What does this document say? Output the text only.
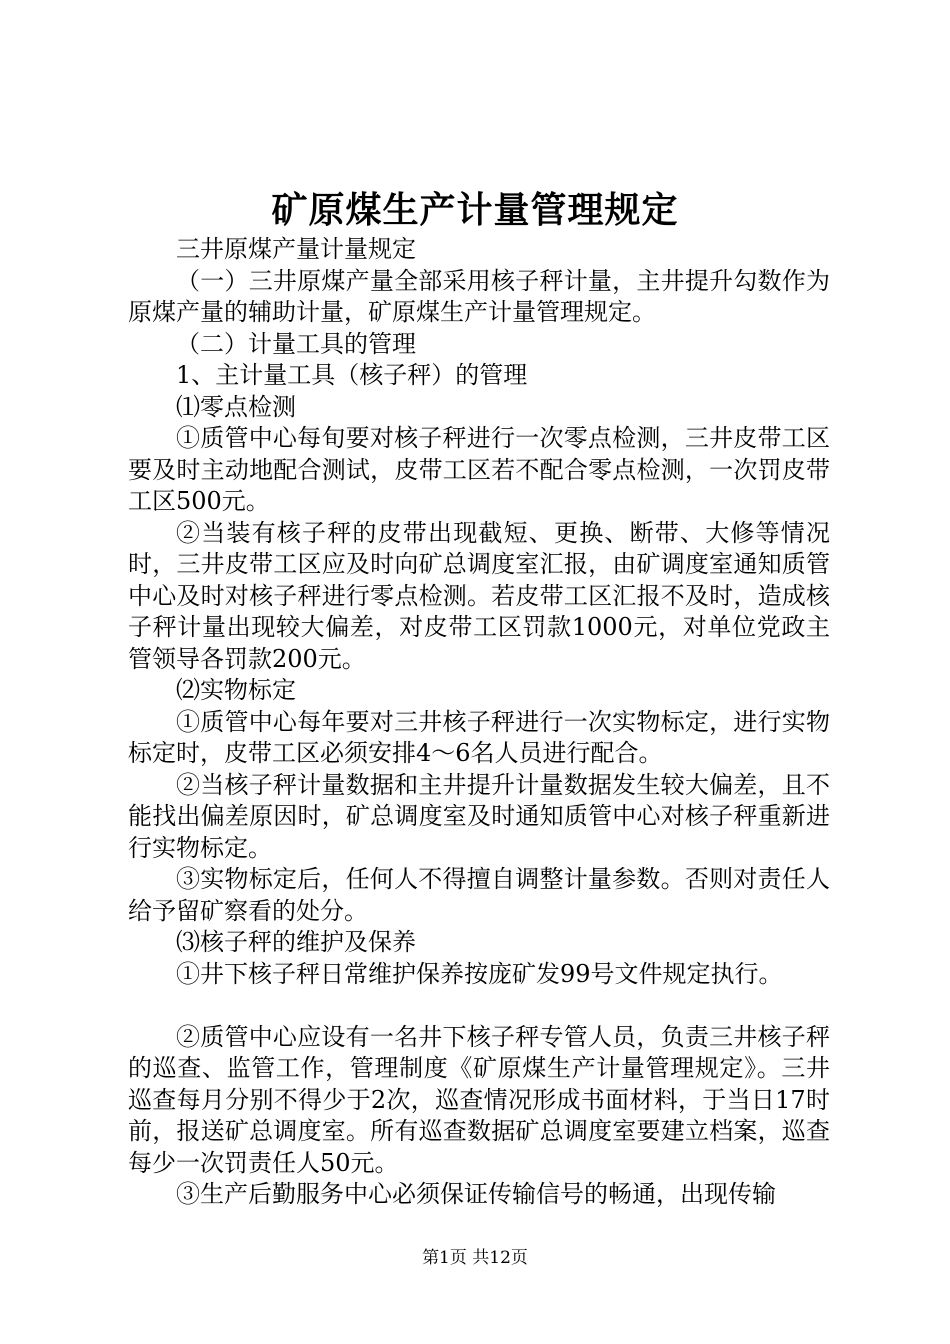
矿原煤生产计量管理规定

三井原煤产量计量规定

（一）三井原煤产量全部采用核子秤计量，主井提升勾数作为原煤产量的辅助计量，矿原煤生产计量管理规定。

（二）计量工具的管理

1、主计量工具（核子秤）的管理

⑴零点检测

①质管中心每旬要对核子秤进行一次零点检测，三井皮带工区要及时主动地配合测试，皮带工区若不配合零点检测，一次罚皮带工区500元。

②当装有核子秤的皮带出现截短、更换、断带、大修等情况时，三井皮带工区应及时向矿总调度室汇报，由矿调度室通知质管中心及时对核子秤进行零点检测。若皮带工区汇报不及时，造成核子秤计量出现较大偏差，对皮带工区罚款1000元，对单位党政主管领导各罚款200元。

⑵实物标定

①质管中心每年要对三井核子秤进行一次实物标定，进行实物标定时，皮带工区必须安排4～6名人员进行配合。

②当核子秤计量数据和主井提升计量数据发生较大偏差，且不能找出偏差原因时，矿总调度室及时通知质管中心对核子秤重新进行实物标定。

③实物标定后，任何人不得擅自调整计量参数。否则对责任人给予留矿察看的处分。

⑶核子秤的维护及保养

①井下核子秤日常维护保养按庞矿发99号文件规定执行。

②质管中心应设有一名井下核子秤专管人员，负责三井核子秤的巡查、监管工作，管理制度《矿原煤生产计量管理规定》。三井巡查每月分别不得少于2次，巡查情况形成书面材料，于当日17时前，报送矿总调度室。所有巡查数据矿总调度室要建立档案，巡查每少一次罚责任人50元。

③生产后勤服务中心必须保证传输信号的畅通，出现传输

第1页 共12页
